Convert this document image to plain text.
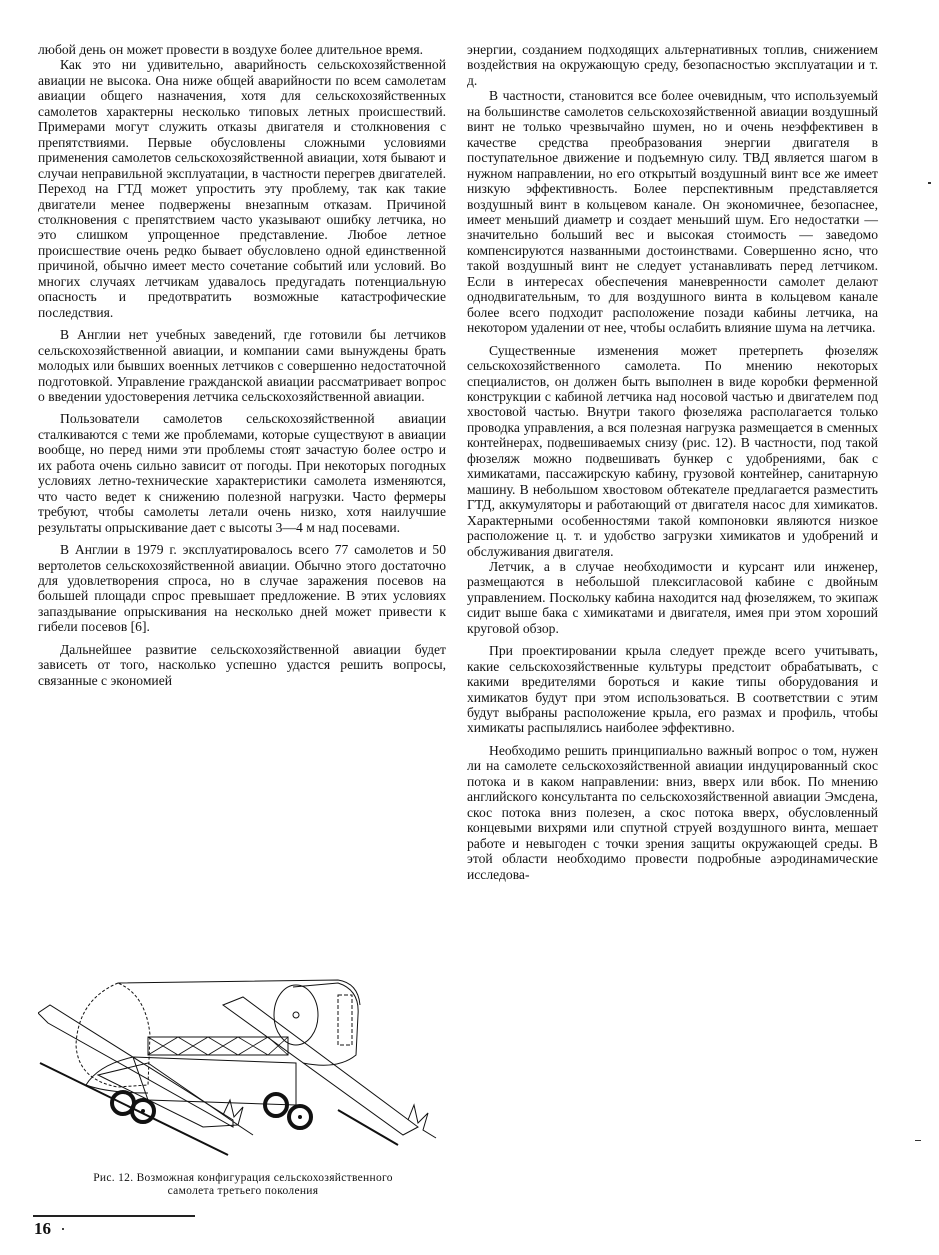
любой день он может провести в воздухе более длительное время.

Как это ни удивительно, аварийность сельскохозяйственной авиации не высока. Она ниже общей аварийности по всем самолетам авиации общего назначения, хотя для сельскохозяйственных самолетов характерны несколько типовых летных происшествий. Примерами могут служить отказы двигателя и столкновения с препятствиями. Первые обусловлены сложными условиями применения самолетов сельскохозяйственной авиации, хотя бывают и случаи неправильной эксплуатации, в частности перегрев двигателей. Переход на ГТД может упростить эту проблему, так как такие двигатели менее подвержены внезапным отказам. Причиной столкновения с препятствием часто указывают ошибку летчика, но это слишком упрощенное представление. Любое летное происшествие очень редко бывает обусловлено одной единственной причиной, обычно имеет место сочетание событий или условий. Во многих случаях летчикам удавалось предугадать потенциальную опасность и предотвратить возможные катастрофические последствия.

В Англии нет учебных заведений, где готовили бы летчиков сельскохозяйственной авиации, и компании сами вынуждены брать молодых или бывших военных летчиков с совершенно недостаточной подготовкой. Управление гражданской авиации рассматривает вопрос о введении удостоверения летчика сельскохозяйственной авиации.

Пользователи самолетов сельскохозяйственной авиации сталкиваются с теми же проблемами, которые существуют в авиации вообще, но перед ними эти проблемы стоят зачастую более остро и их работа очень сильно зависит от погоды. При некоторых погодных условиях летно-технические характеристики самолета изменяются, что часто ведет к снижению полезной нагрузки. Часто фермеры требуют, чтобы самолеты летали очень низко, хотя наилучшие результаты опрыскивание дает с высоты 3—4 м над посевами.

В Англии в 1979 г. эксплуатировалось всего 77 самолетов и 50 вертолетов сельскохозяйственной авиации. Обычно этого достаточно для удовлетворения спроса, но в случае заражения посевов на большей площади спрос превышает предложение. В этих условиях запаздывание опрыскивания на несколько дней может привести к гибели посевов [6].

Дальнейшее развитие сельскохозяйственной авиации будет зависеть от того, насколько успешно удастся решить вопросы, связанные с экономией

энергии, созданием подходящих альтернативных топлив, снижением воздействия на окружающую среду, безопасностью эксплуатации и т. д.

В частности, становится все более очевидным, что используемый на большинстве самолетов сельскохозяйственной авиации воздушный винт не только чрезвычайно шумен, но и очень неэффективен в качестве средства преобразования энергии двигателя в поступательное движение и подъемную силу. ТВД является шагом в нужном направлении, но его открытый воздушный винт все же имеет низкую эффективность. Более перспективным представляется воздушный винт в кольцевом канале. Он экономичнее, безопаснее, имеет меньший диаметр и создает меньший шум. Его недостатки — значительно больший вес и высокая стоимость — заведомо компенсируются названными достоинствами. Совершенно ясно, что такой воздушный винт не следует устанавливать перед летчиком. Если в интересах обеспечения маневренности самолет делают однодвигательным, то для воздушного винта в кольцевом канале более всего подходит расположение позади кабины летчика, на некотором удалении от нее, чтобы ослабить влияние шума на летчика.

Существенные изменения может претерпеть фюзеляж сельскохозяйственного самолета. По мнению некоторых специалистов, он должен быть выполнен в виде коробки ферменной конструкции с кабиной летчика над носовой частью и двигателем под хвостовой частью. Внутри такого фюзеляжа располагается только проводка управления, а вся полезная нагрузка размещается в сменных контейнерах, подвешиваемых снизу (рис. 12). В частности, под такой фюзеляж можно подвешивать бункер с удобрениями, бак с химикатами, пассажирскую кабину, грузовой контейнер, санитарную машину. В небольшом хвостовом обтекателе предлагается разместить ГТД, аккумуляторы и работающий от двигателя насос для химикатов. Характерными особенностями такой компоновки являются низкое расположение ц. т. и удобство загрузки химикатов и удобрений и обслуживания двигателя.

Летчик, а в случае необходимости и курсант или инженер, размещаются в небольшой плексигласовой кабине с двойным управлением. Поскольку кабина находится над фюзеляжем, то экипаж сидит выше бака с химикатами и двигателя, имея при этом хороший круговой обзор.

При проектировании крыла следует прежде всего учитывать, какие сельскохозяйственные культуры предстоит обрабатывать, с какими вредителями бороться и какие типы оборудования и химикатов будут при этом использоваться. В соответствии с этим будут выбраны расположение крыла, его размах и профиль, чтобы химикаты распылялись наиболее эффективно.

Необходимо решить принципиально важный вопрос о том, нужен ли на самолете сельскохозяйственной авиации индуцированный скос потока и в каком направлении: вниз, вверх или вбок. По мнению английского консультанта по сельскохозяйственной авиации Эмсдена, скос потока вниз полезен, а скос потока вверх, обусловленный концевыми вихрями или спутной струей воздушного винта, мешает работе и невыгоден с точки зрения защиты окружающей среды. В этой области необходимо провести подробные аэродинамические исследова-

Рис. 12. Возможная конфигурация сельскохозяйственного
самолета третьего поколения
16
